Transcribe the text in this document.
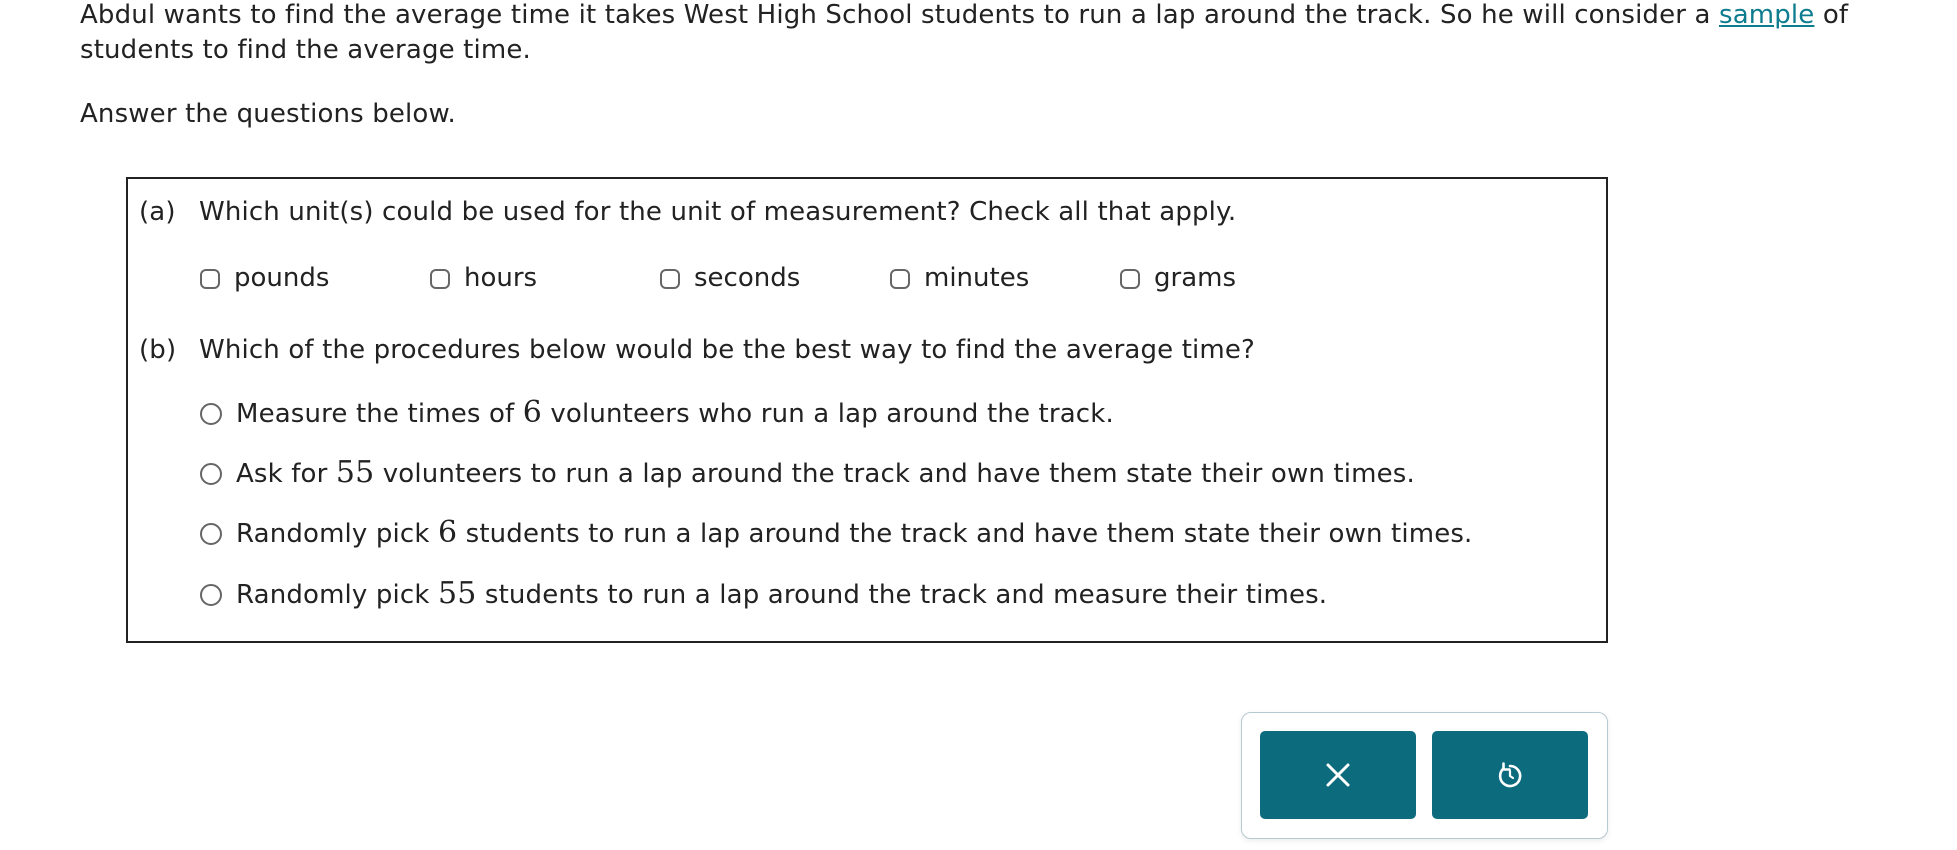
Abdul wants to find the average time it takes West High School students to run a lap around the track. So he will consider a sample of students to find the average time.
Answer the questions below.
(a) Which unit(s) could be used for the unit of measurement? Check all that apply.
pounds	hours	seconds	minutes	grams
(b) Which of the procedures below would be the best way to find the average time?
Measure the times of 6 volunteers who run a lap around the track.
Ask for 55 volunteers to run a lap around the track and have them state their own times.
Randomly pick 6 students to run a lap around the track and have them state their own times.
Randomly pick 55 students to run a lap around the track and measure their times.
